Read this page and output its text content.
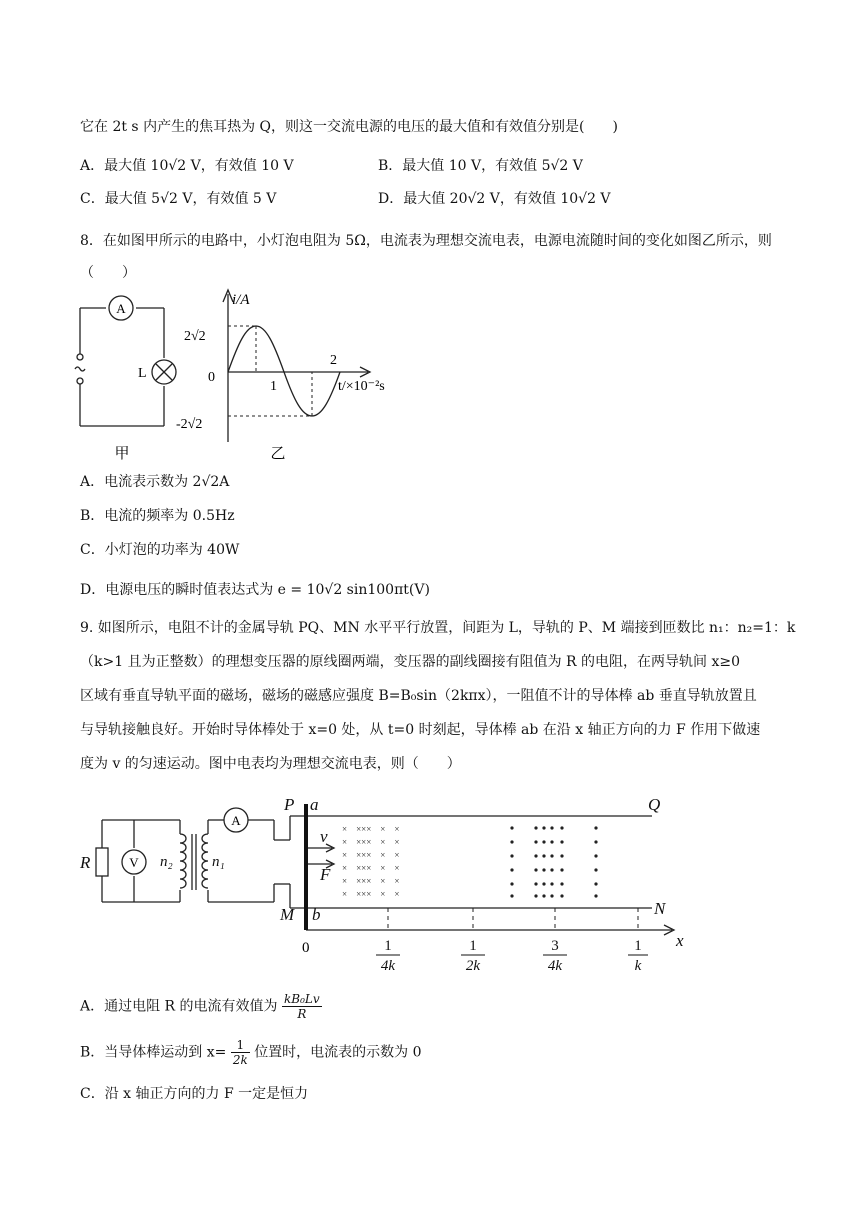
它在 2t s 内产生的焦耳热为 Q，则这一交流电源的电压的最大值和有效值分别是(　　)
A．最大值 10√2 V，有效值 10 V	B．最大值 10 V，有效值 5√2 V
C．最大值 5√2 V，有效值 5 V	D．最大值 20√2 V，有效值 10√2 V
8．在如图甲所示的电路中，小灯泡电阻为 5Ω，电流表为理想交流电表，电源电流随时间的变化如图乙所示，则（　　）
A
L
甲
i/A
2√2
0
-2√2
1
2
t/×10⁻²s
乙
A．电流表示数为 2√2A
B．电流的频率为 0.5Hz
C．小灯泡的功率为 40W
D．电源电压的瞬时值表达式为 e = 10√2 sin100πt(V)
9. 如图所示，电阻不计的金属导轨 PQ、MN 水平平行放置，间距为 L，导轨的 P、M 端接到匝数比 n₁：n₂=1：k
（k>1 且为正整数）的理想变压器的原线圈两端，变压器的副线圈接有阻值为 R 的电阻，在两导轨间 x≥0
区域有垂直导轨平面的磁场，磁场的磁感应强度 B=B₀sin（2kπx），一阻值不计的导体棒 ab 垂直导轨放置且
与导轨接触良好。开始时导体棒处于 x=0 处，从 t=0 时刻起，导体棒 ab 在沿 x 轴正方向的力 F 作用下做速
度为 v 的匀速运动。图中电表均为理想交流电表，则（　　）
×　×××　×　×
×　×××　×　×
×　×××　×　×
×　×××　×　×
×　×××　×　×
×　×××　×　×
R
P a	Q
M b	N
v
F
x
n₂	n₁
V
A
0	1
4k
1
2k
3
4k
1
k
A．通过电阻 R 的电流有效值为 $\frac{\text{kB₀Lv}}{R}$
B．当导体棒运动到 $x= \frac{1}{2k}$ 位置时，电流表的示数为 0
C．沿 x 轴正方向的力 F 一定是恒力
